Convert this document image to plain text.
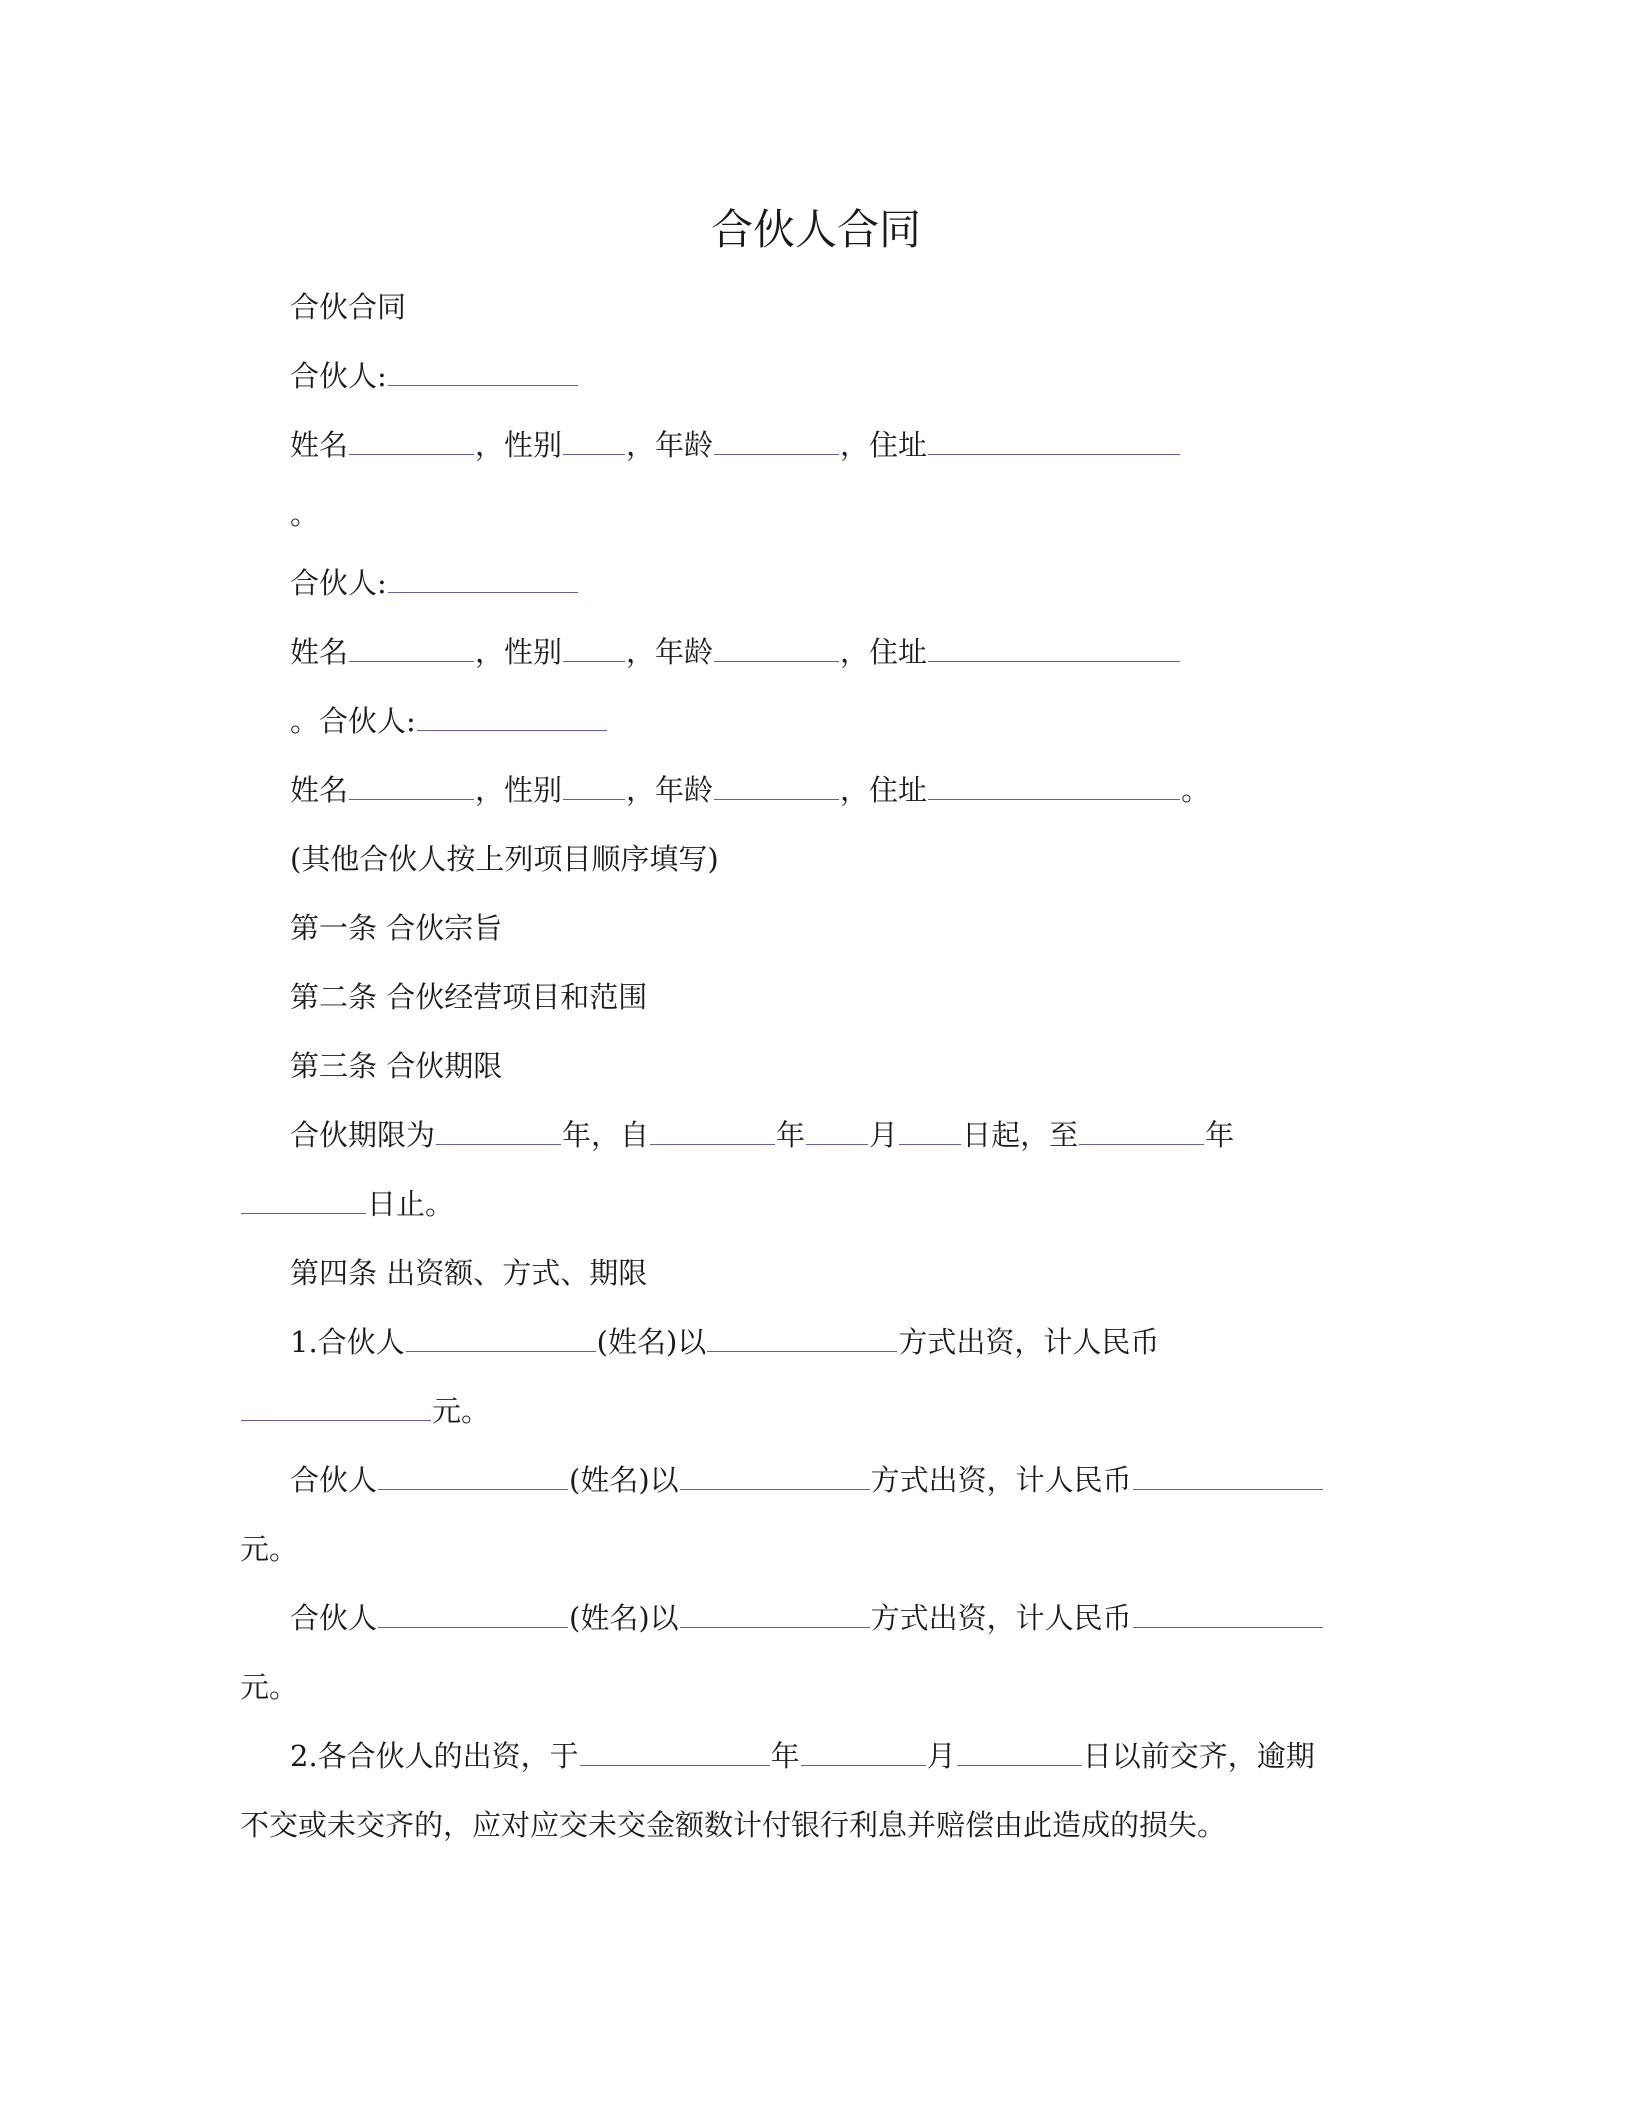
合伙人合同
合伙合同
合伙人:
姓名	，性别 ，年龄	，住址
。
合伙人:
姓名	，性别 ，年龄	，住址
。合伙人:
姓名	，性别 ，年龄	，住址	。
(其他合伙人按上列项目顺序填写)
第一条 合伙宗旨
第二条 合伙经营项目和范围
第三条 合伙期限
合伙期限为	年，自	年 月 日起，至	年
日止。
第四条 出资额、方式、期限
1.合伙人	(姓名)以	方式出资，计人民币
元。
合伙人	(姓名)以	方式出资，计人民币
元。
合伙人	(姓名)以	方式出资，计人民币
元。
2.各合伙人的出资，于	年	月	日以前交齐，逾期
不交或未交齐的，应对应交未交金额数计付银行利息并赔偿由此造成的损失。
